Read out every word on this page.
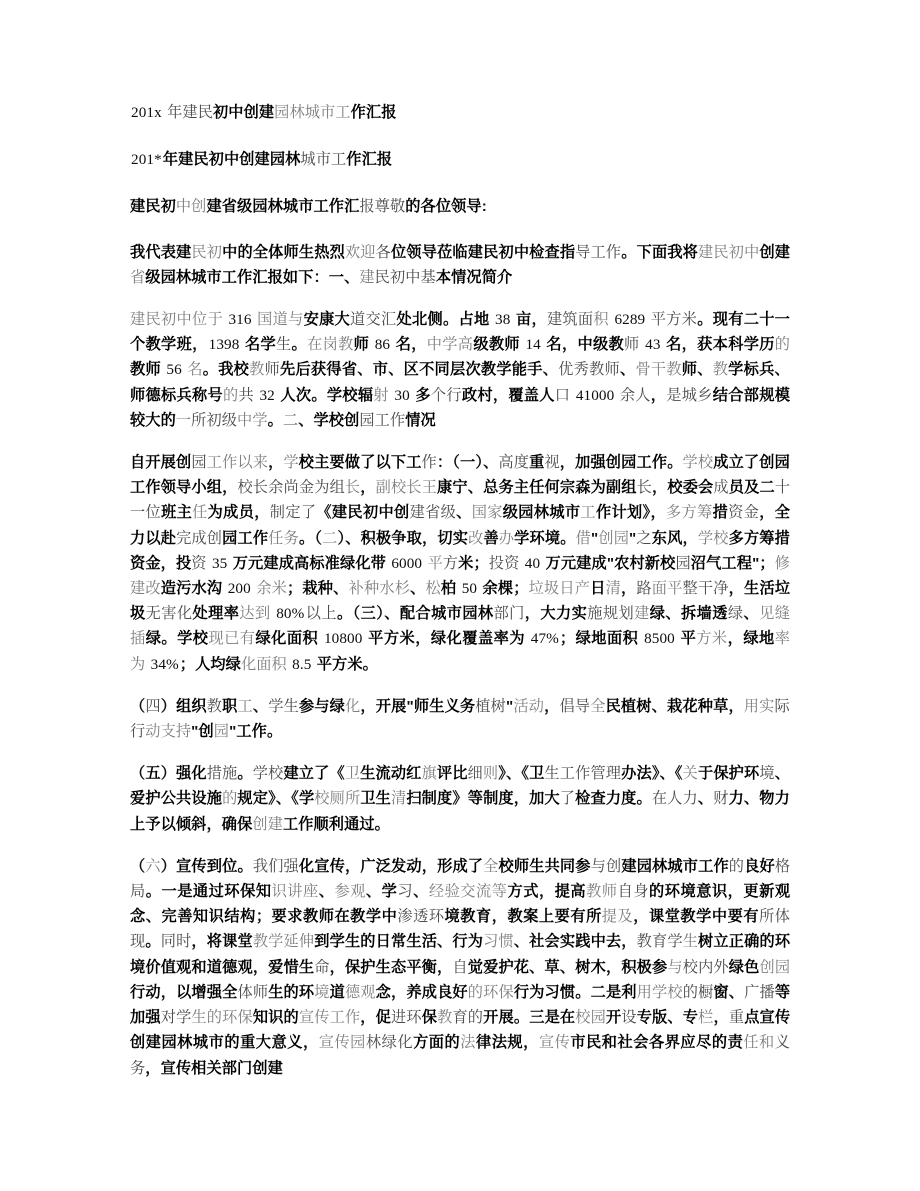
201x 年建民初中创建园林城市工作汇报

201*年建民初中创建园林城市工作汇报

建民初中创建省级园林城市工作汇报尊敬的各位领导:

我代表建民初中的全体师生热烈欢迎各位领导莅临建民初中检查指导工作。下面我将建民初中创建省级园林城市工作汇报如下：一、建民初中基本情况简介

建民初中位于 316 国道与安康大道交汇处北侧。占地 38 亩，建筑面积 6289 平方米。现有二十一个教学班，1398 名学生。在岗教师 86 名，中学高级教师 14 名，中级教师 43 名，获本科学历的教师 56 名。我校教师先后获得省、市、区不同层次教学能手、优秀教师、骨干教师、教学标兵、师德标兵称号的共 32 人次。学校辐射 30 多个行政村，覆盖人口 41000 余人，是城乡结合部规模较大的一所初级中学。二、学校创园工作情况

自开展创园工作以来，学校主要做了以下工作：（一）、高度重视，加强创园工作。学校成立了创园工作领导小组，校长余尚金为组长，副校长王康宁、总务主任何宗森为副组长，校委会成员及二十一位班主任为成员，制定了《建民初中创建省级、国家级园林城市工作计划》，多方筹措资金，全力以赴完成创园工作任务。（二）、积极争取，切实改善办学环境。借"创园"之东风，学校多方筹措资金，投资 35 万元建成高标准绿化带 6000 平方米；投资 40 万元建成"农村新校园沼气工程"；修建改造污水沟 200 余米；栽种、补种水杉、松柏 50 余棵；垃圾日产日清，路面平整干净，生活垃圾无害化处理率达到 80%以上。（三）、配合城市园林部门，大力实施规划建绿、拆墙透绿、见缝插绿。学校现已有绿化面积 10800 平方米，绿化覆盖率为 47%；绿地面积 8500 平方米，绿地率为 34%；人均绿化面积 8.5 平方米。

（四）组织教职工、学生参与绿化，开展"师生义务植树"活动，倡导全民植树、栽花种草，用实际行动支持"创园"工作。

（五）强化措施。学校建立了《卫生流动红旗评比细则》、《卫生工作管理办法》、《关于保护环境、爱护公共设施的规定》、《学校厕所卫生清扫制度》等制度，加大了检查力度。在人力、财力、物力上予以倾斜，确保创建工作顺利通过。

（六）宣传到位。我们强化宣传，广泛发动，形成了全校师生共同参与创建园林城市工作的良好格局。一是通过环保知识讲座、参观、学习、经验交流等方式，提高教师自身的环境意识，更新观念、完善知识结构；要求教师在教学中渗透环境教育，教案上要有所提及，课堂教学中要有所体现。同时，将课堂教学延伸到学生的日常生活、行为习惯、社会实践中去，教育学生树立正确的环境价值观和道德观，爱惜生命，保护生态平衡，自觉爱护花、草、树木，积极参与校内外绿色创园行动，以增强全体师生的环境道德观念，养成良好的环保行为习惯。二是利用学校的橱窗、广播等加强对学生的环保知识的宣传工作，促进环保教育的开展。三是在校园开设专版、专栏，重点宣传创建园林城市的重大意义，宣传园林绿化方面的法律法规，宣传市民和社会各界应尽的责任和义务，宣传相关部门创建
